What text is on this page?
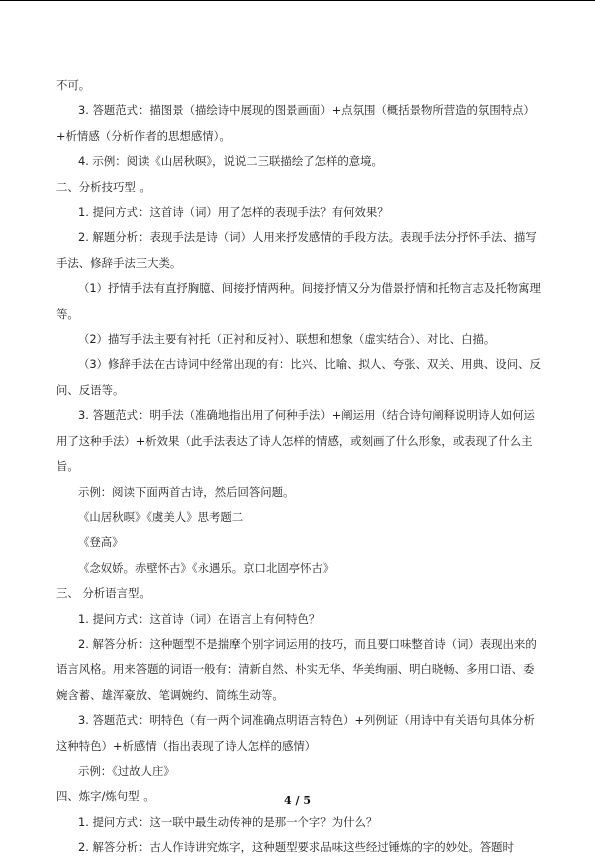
不可。

3. 答题范式：描图景（描绘诗中展现的图景画面）+点氛围（概括景物所营造的氛围特点）+析情感（分析作者的思想感情）。

4. 示例：阅读《山居秋暝》，说说二三联描绘了怎样的意境。

二、分析技巧型 。

1. 提问方式：这首诗（词）用了怎样的表现手法？有何效果？

2. 解题分析：表现手法是诗（词）人用来抒发感情的手段方法。表现手法分抒怀手法、描写手法、修辞手法三大类。

（1）抒情手法有直抒胸臆、间接抒情两种。间接抒情又分为借景抒情和托物言志及托物寓理等。

（2）描写手法主要有衬托（正衬和反衬）、联想和想象（虚实结合）、对比、白描。

（3）修辞手法在古诗词中经常出现的有：比兴、比喻、拟人、夸张、双关、用典、设问、反问、反语等。

3. 答题范式：明手法（准确地指出用了何种手法）+阐运用（结合诗句阐释说明诗人如何运用了这种手法）+析效果（此手法表达了诗人怎样的情感，或刻画了什么形象，或表现了什么主旨。

示例：阅读下面两首古诗，然后回答问题。

《山居秋暝》《虞美人》思考题二

《登高》

《念奴娇。赤壁怀古》《永遇乐。京口北固亭怀古》

三、 分析语言型。

1. 提问方式：这首诗（词）在语言上有何特色？

2. 解答分析：这种题型不是揣摩个别字词运用的技巧，而且要口味整首诗（词）表现出来的语言风格。用来答题的词语一般有：清新自然、朴实无华、华美绚丽、明白晓畅、多用口语、委婉含蓄、雄浑豪放、笔调婉约、简练生动等。

3. 答题范式：明特色（有一两个词准确点明语言特色）+列例证（用诗中有关语句具体分析这种特色）+析感情（指出表现了诗人怎样的感情）

示例：《过故人庄》

四、炼字/炼句型 。

1. 提问方式：这一联中最生动传神的是那一个字？为什么？

2. 解答分析：古人作诗讲究炼字，这种题型要求品味这些经过锤炼的字的妙处。答题时

4 / 5
